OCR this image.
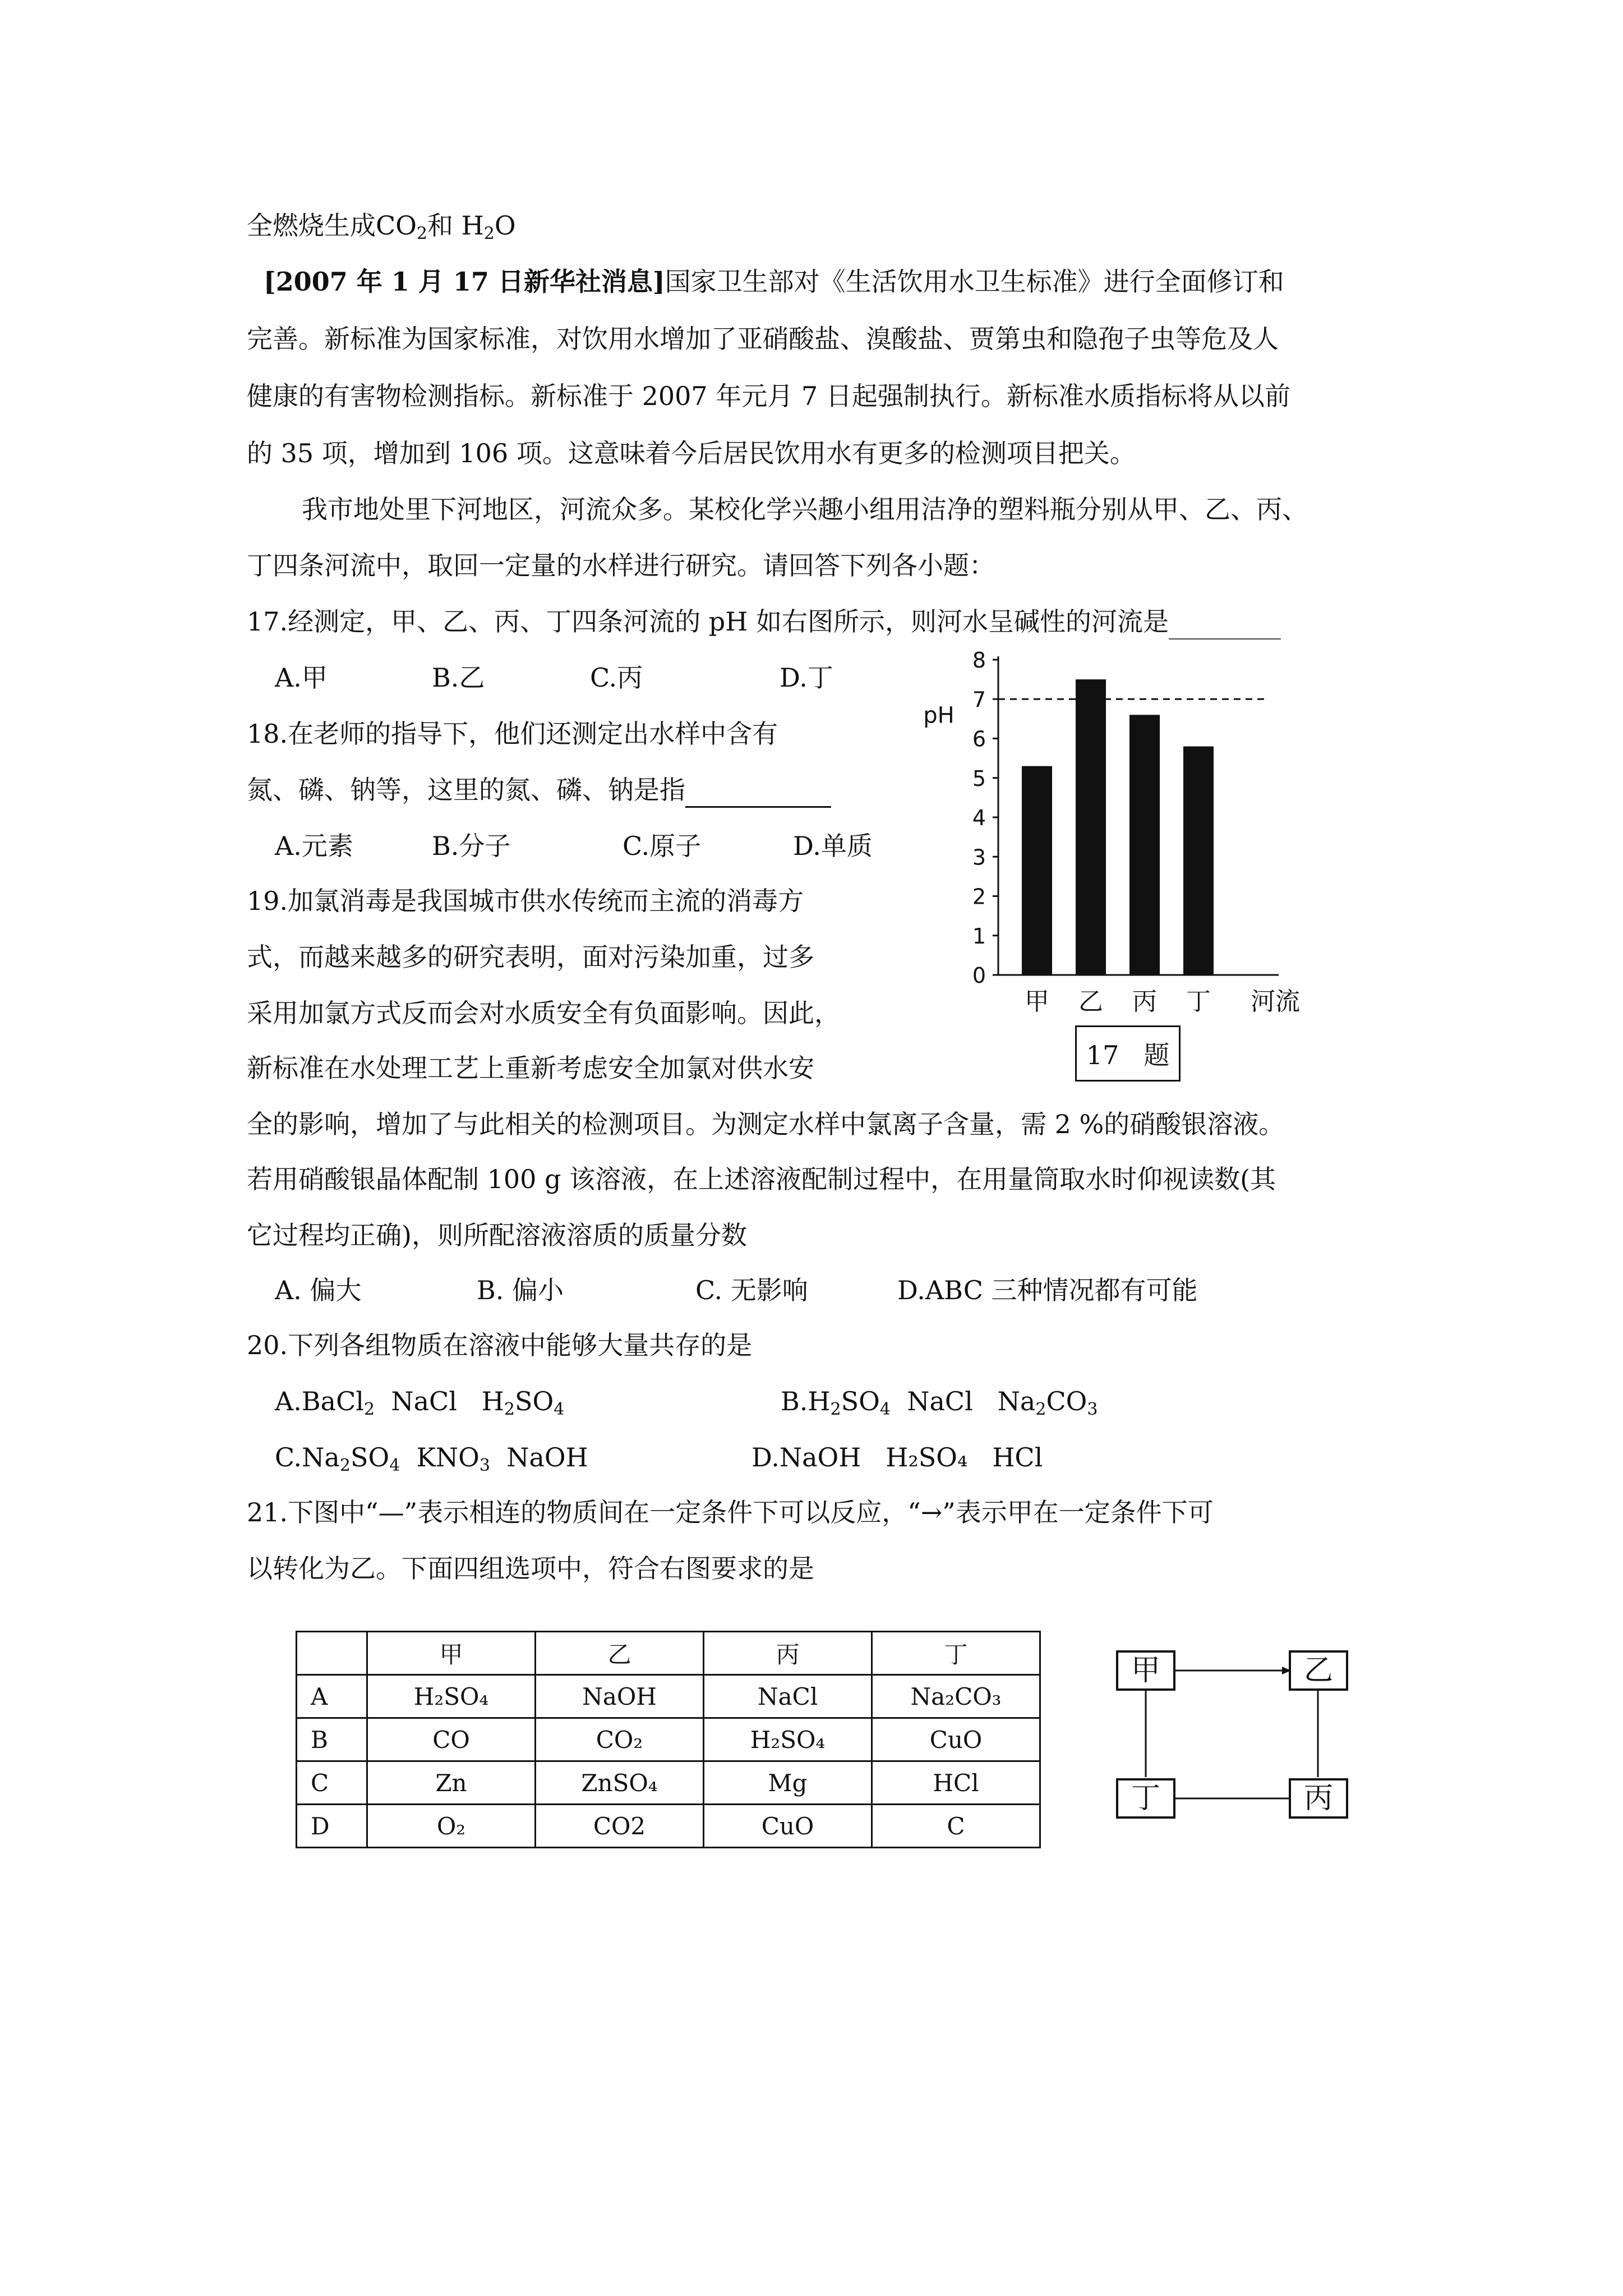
全燃烧生成$CO_2$和 $H_2O$
[2007 年 1 月 17 日新华社消息]国家卫生部对《生活饮用水卫生标准》进行全面修订和
完善。新标准为国家标准，对饮用水增加了亚硝酸盐、溴酸盐、贾第虫和隐孢子虫等危及人
健康的有害物检测指标。新标准于 2007 年元月 7 日起强制执行。新标准水质指标将从以前
的 35 项，增加到 106 项。这意味着今后居民饮用水有更多的检测项目把关。
我市地处里下河地区，河流众多。某校化学兴趣小组用洁净的塑料瓶分别从甲、乙、丙、
丁四条河流中，取回一定量的水样进行研究。请回答下列各小题：
17.经测定，甲、乙、丙、丁四条河流的 pH 如右图所示，则河水呈碱性的河流是
A.甲	B.乙	C.丙	D.丁
18.在老师的指导下，他们还测定出水样中含有
氮、磷、钠等，这里的氮、磷、钠是指
A.元素	B.分子	C.原子	D.单质
19.加氯消毒是我国城市供水传统而主流的消毒方
式，而越来越多的研究表明，面对污染加重，过多
采用加氯方式反而会对水质安全有负面影响。因此，
新标准在水处理工艺上重新考虑安全加氯对供水安
全的影响，增加了与此相关的检测项目。为测定水样中氯离子含量，需 2 %的硝酸银溶液。
若用硝酸银晶体配制 100 g 该溶液，在上述溶液配制过程中，在用量筒取水时仰视读数(其
它过程均正确)，则所配溶液溶质的质量分数
A. 偏大	B. 偏小	C. 无影响	D.ABC 三种情况都有可能
20.下列各组物质在溶液中能够大量共存的是
A.BaCl$_2$  NaCl   $H_2SO_4$	$B.H_2SO_4$  NaCl   $Na_2CO_3$
$C.Na_2SO_4$  $KNO_3$  NaOH	D.NaOH   H₂SO₄   HCl
21.下图中“—”表示相连的物质间在一定条件下可以反应，“→”表示甲在一定条件下可
以转化为乙。下面四组选项中，符合右图要求的是
	甲	乙	丙	丁
A	H₂SO₄	NaOH	NaCl	Na₂CO₃
B	CO	CO₂	H₂SO₄	CuO
C	Zn	ZnSO₄	Mg	HCl
D	O₂	CO2	CuO	C
甲	乙
丁	丙
0
1
2
3
4
5
6
7
8
pH
甲 乙 丙 丁 河流
17   题
